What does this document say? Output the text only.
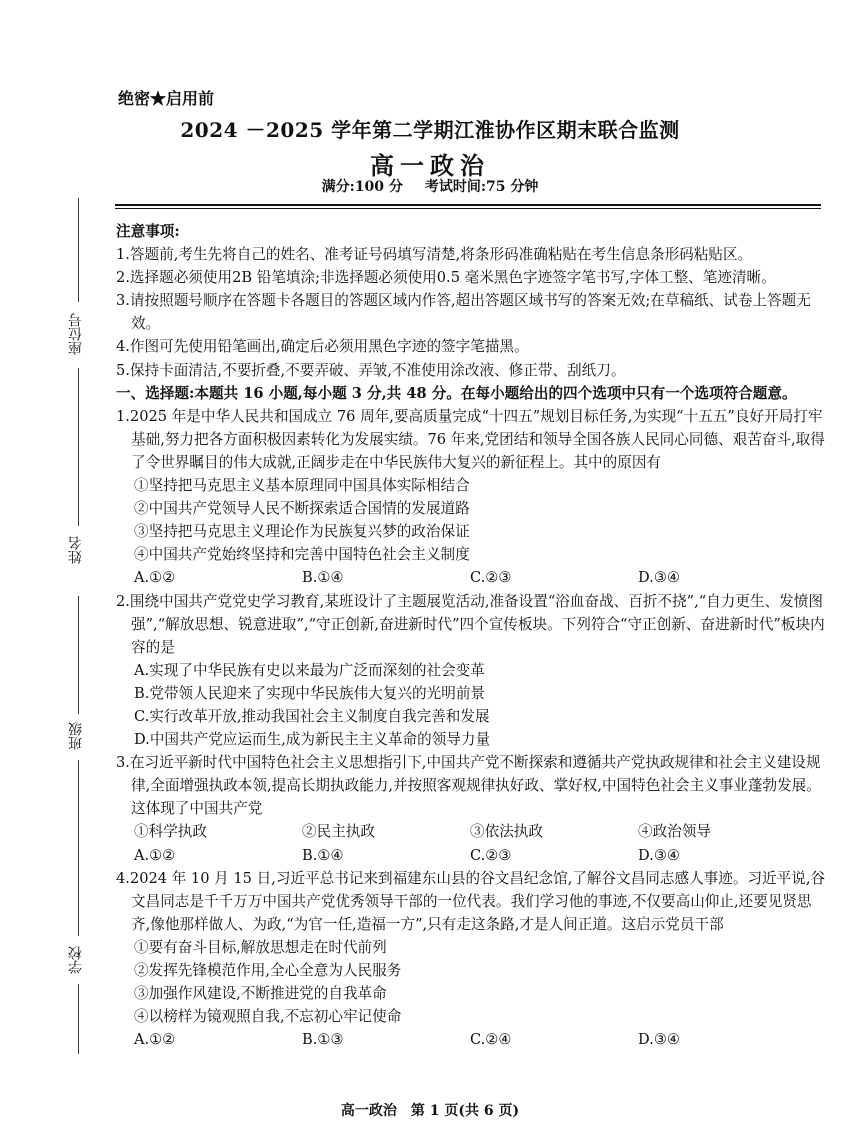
绝密★启用前
2024 －2025 学年第二学期江淮协作区期末联合监测
高一政治
满分:100 分 考试时间:75 分钟
座位号
姓名
班级
学校

注意事项:

1.答题前,考生先将自己的姓名、准考证号码填写清楚,将条形码准确粘贴在考生信息条形码粘贴区。

2.选择题必须使用2B 铅笔填涂;非选择题必须使用0.5 毫米黑色字迹签字笔书写,字体工整、笔迹清晰。

3.请按照题号顺序在答题卡各题目的答题区域内作答,超出答题区域书写的答案无效;在草稿纸、试卷上答题无效。

4.作图可先使用铅笔画出,确定后必须用黑色字迹的签字笔描黑。

5.保持卡面清洁,不要折叠,不要弄破、弄皱,不准使用涂改液、修正带、刮纸刀。

一、选择题:本题共 16 小题,每小题 3 分,共 48 分。在每小题给出的四个选项中只有一个选项符合题意。

1.2025 年是中华人民共和国成立 76 周年,要高质量完成“十四五”规划目标任务,为实现“十五五”良好开局打牢基础,努力把各方面积极因素转化为发展实绩。76 年来,党团结和领导全国各族人民同心同德、艰苦奋斗,取得了令世界瞩目的伟大成就,正阔步走在中华民族伟大复兴的新征程上。其中的原因有

①坚持把马克思主义基本原理同中国具体实际相结合

②中国共产党领导人民不断探索适合国情的发展道路

③坚持把马克思主义理论作为民族复兴梦的政治保证

④中国共产党始终坚持和完善中国特色社会主义制度

A.①②	B.①④	C.②③	D.③④

2.围绕中国共产党党史学习教育,某班设计了主题展览活动,准备设置“浴血奋战、百折不挠”,“自力更生、发愤图强”,“解放思想、锐意进取”,“守正创新,奋进新时代”四个宣传板块。下列符合“守正创新、奋进新时代”板块内容的是

A.实现了中华民族有史以来最为广泛而深刻的社会变革

B.党带领人民迎来了实现中华民族伟大复兴的光明前景

C.实行改革开放,推动我国社会主义制度自我完善和发展

D.中国共产党应运而生,成为新民主主义革命的领导力量

3.在习近平新时代中国特色社会主义思想指引下,中国共产党不断探索和遵循共产党执政规律和社会主义建设规律,全面增强执政本领,提高长期执政能力,并按照客观规律执好政、掌好权,中国特色社会主义事业蓬勃发展。这体现了中国共产党

①科学执政	②民主执政	③依法执政	④政治领导
A.①②	B.①④	C.②③	D.③④

4.2024 年 10 月 15 日,习近平总书记来到福建东山县的谷文昌纪念馆,了解谷文昌同志感人事迹。习近平说,谷文昌同志是千千万万中国共产党优秀领导干部的一位代表。我们学习他的事迹,不仅要高山仰止,还要见贤思齐,像他那样做人、为政,“为官一任,造福一方”,只有走这条路,才是人间正道。这启示党员干部

①要有奋斗目标,解放思想走在时代前列

②发挥先锋模范作用,全心全意为人民服务

③加强作风建设,不断推进党的自我革命

④以榜样为镜观照自我,不忘初心牢记使命

A.①②	B.①③	C.②④	D.③④
高一政治　第 1 页(共 6 页)
